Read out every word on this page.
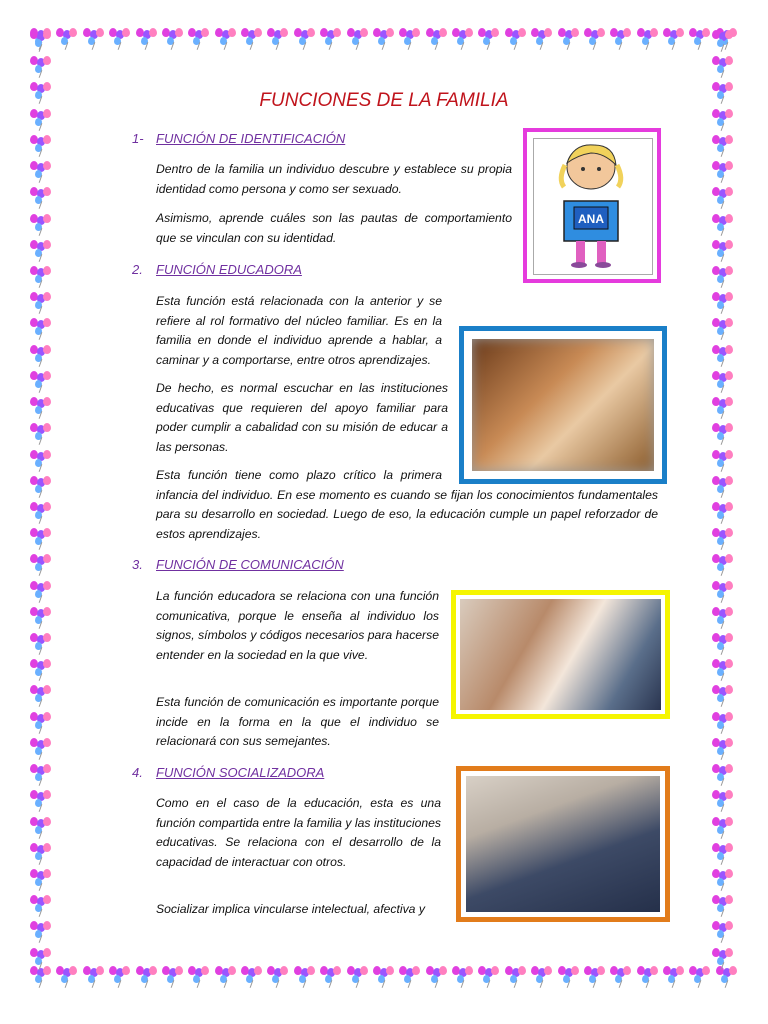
FUNCIONES DE LA FAMILIA
1- FUNCIÓN DE IDENTIFICACIÓN
Dentro de la familia un individuo descubre y establece su propia identidad como persona y como ser sexuado.
Asimismo, aprende cuáles son las pautas de comportamiento que se vinculan con su identidad.
ANA
2. FUNCIÓN EDUCADORA
Esta función está relacionada con la anterior y se refiere al rol formativo del núcleo familiar. Es en la familia en donde el individuo aprende a hablar, a caminar y a comportarse, entre otros aprendizajes.
De hecho, es normal escuchar en las instituciones educativas que requieren del apoyo familiar para poder cumplir a cabalidad con su misión de educar a las personas.
Esta función tiene como plazo crítico la primera infancia del individuo. En ese momento es cuando se fijan los conocimientos fundamentales para su desarrollo en sociedad. Luego de eso, la educación cumple un papel reforzador de estos aprendizajes.
3. FUNCIÓN DE COMUNICACIÓN
La función educadora se relaciona con una función comunicativa, porque le enseña al individuo los signos, símbolos y códigos necesarios para hacerse entender en la sociedad en la que vive.
Esta función de comunicación es importante porque incide en la forma en la que el individuo se relacionará con sus semejantes.
4. FUNCIÓN SOCIALIZADORA
Como en el caso de la educación, esta es una función compartida entre la familia y las instituciones educativas. Se relaciona con el desarrollo de la capacidad de interactuar con otros.
Socializar implica vincularse intelectual, afectiva y
